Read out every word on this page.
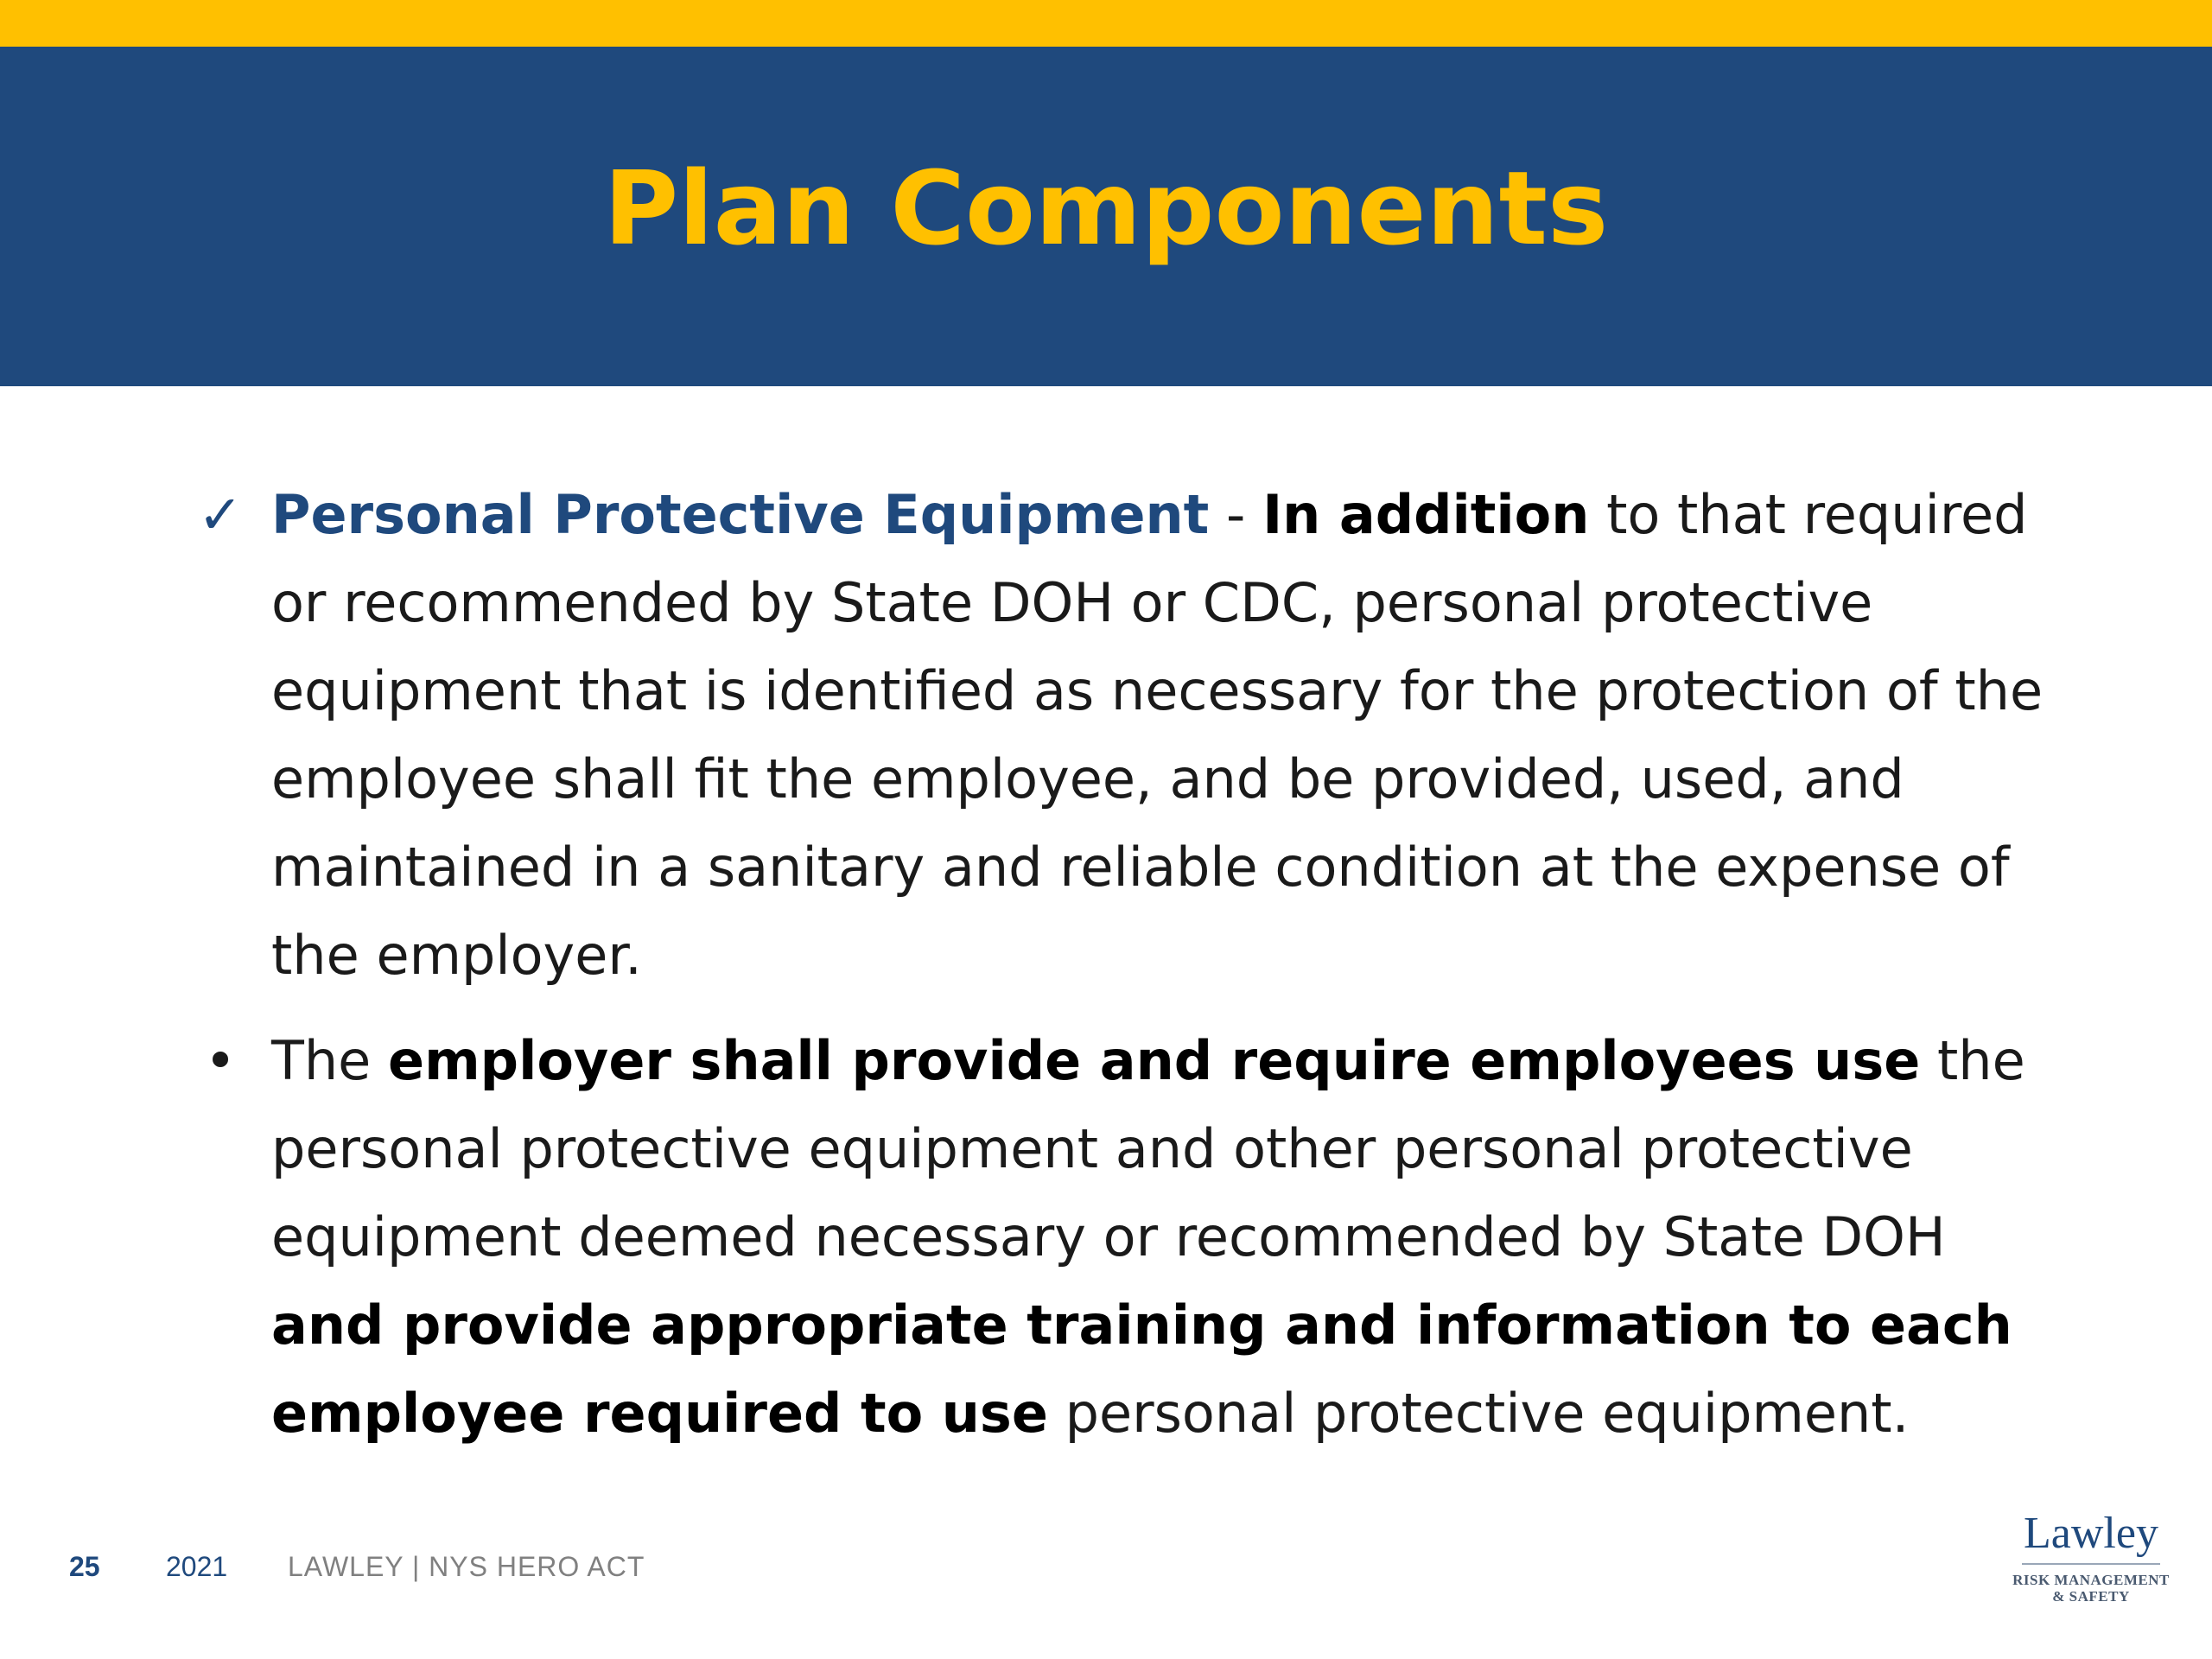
Plan Components
✓ Personal Protective Equipment - In addition to that required or recommended by State DOH or CDC, personal protective equipment that is identified as necessary for the protection of the employee shall fit the employee, and be provided, used, and maintained in a sanitary and reliable condition at the expense of the employer.
• The employer shall provide and require employees use the personal protective equipment and other personal protective equipment deemed necessary or recommended by State DOH and provide appropriate training and information to each employee required to use personal protective equipment.
25 2021 LAWLEY | NYS HERO ACT
Lawley
RISK MANAGEMENT
& SAFETY
